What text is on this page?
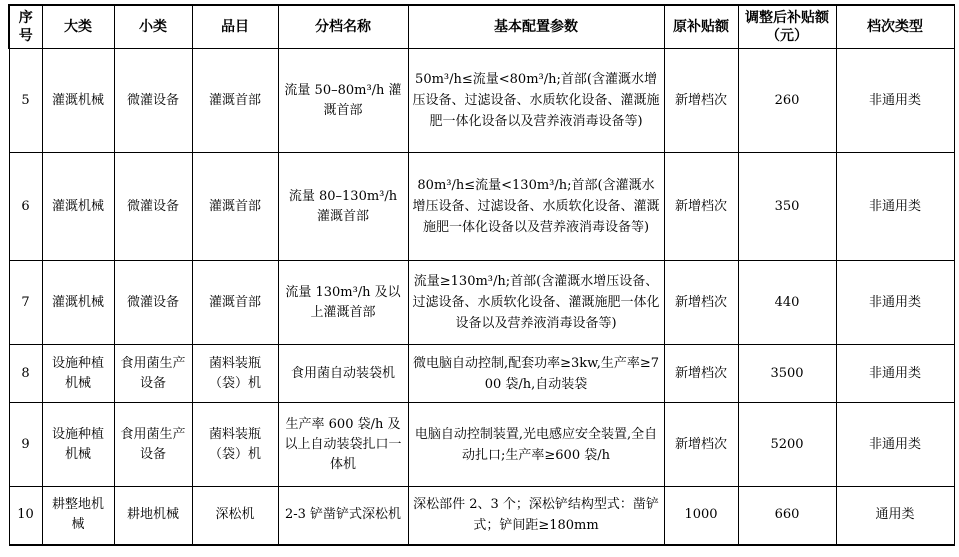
序号	大类	小类	品目	分档名称	基本配置参数	原补贴额	调整后补贴额（元）	档次类型
5	灌溉机械	微灌设备	灌溉首部	流量 50–80m³/h 灌溉首部	50m³/h≤流量<80m³/h;首部(含灌溉水增压设备、过滤设备、水质软化设备、灌溉施肥一体化设备以及营养液消毒设备等)	新增档次	260	非通用类
6	灌溉机械	微灌设备	灌溉首部	流量 80–130m³/h 灌溉首部	80m³/h≤流量<130m³/h;首部(含灌溉水增压设备、过滤设备、水质软化设备、灌溉施肥一体化设备以及营养液消毒设备等)	新增档次	350	非通用类
7	灌溉机械	微灌设备	灌溉首部	流量 130m³/h 及以上灌溉首部	流量≥130m³/h;首部(含灌溉水增压设备、过滤设备、水质软化设备、灌溉施肥一体化设备以及营养液消毒设备等)	新增档次	440	非通用类
8	设施种植机械	食用菌生产设备	菌料装瓶（袋）机	食用菌自动装袋机	微电脑自动控制,配套功率≥3kw,生产率≥700 袋/h,自动装袋	新增档次	3500	非通用类
9	设施种植机械	食用菌生产设备	菌料装瓶（袋）机	生产率 600 袋/h 及以上自动装袋扎口一体机	电脑自动控制装置,光电感应安全装置,全自动扎口;生产率≥600 袋/h	新增档次	5200	非通用类
10	耕整地机械	耕地机械	深松机	2-3 铲凿铲式深松机	深松部件 2、3 个；深松铲结构型式：凿铲式；铲间距≥180mm	1000	660	通用类
